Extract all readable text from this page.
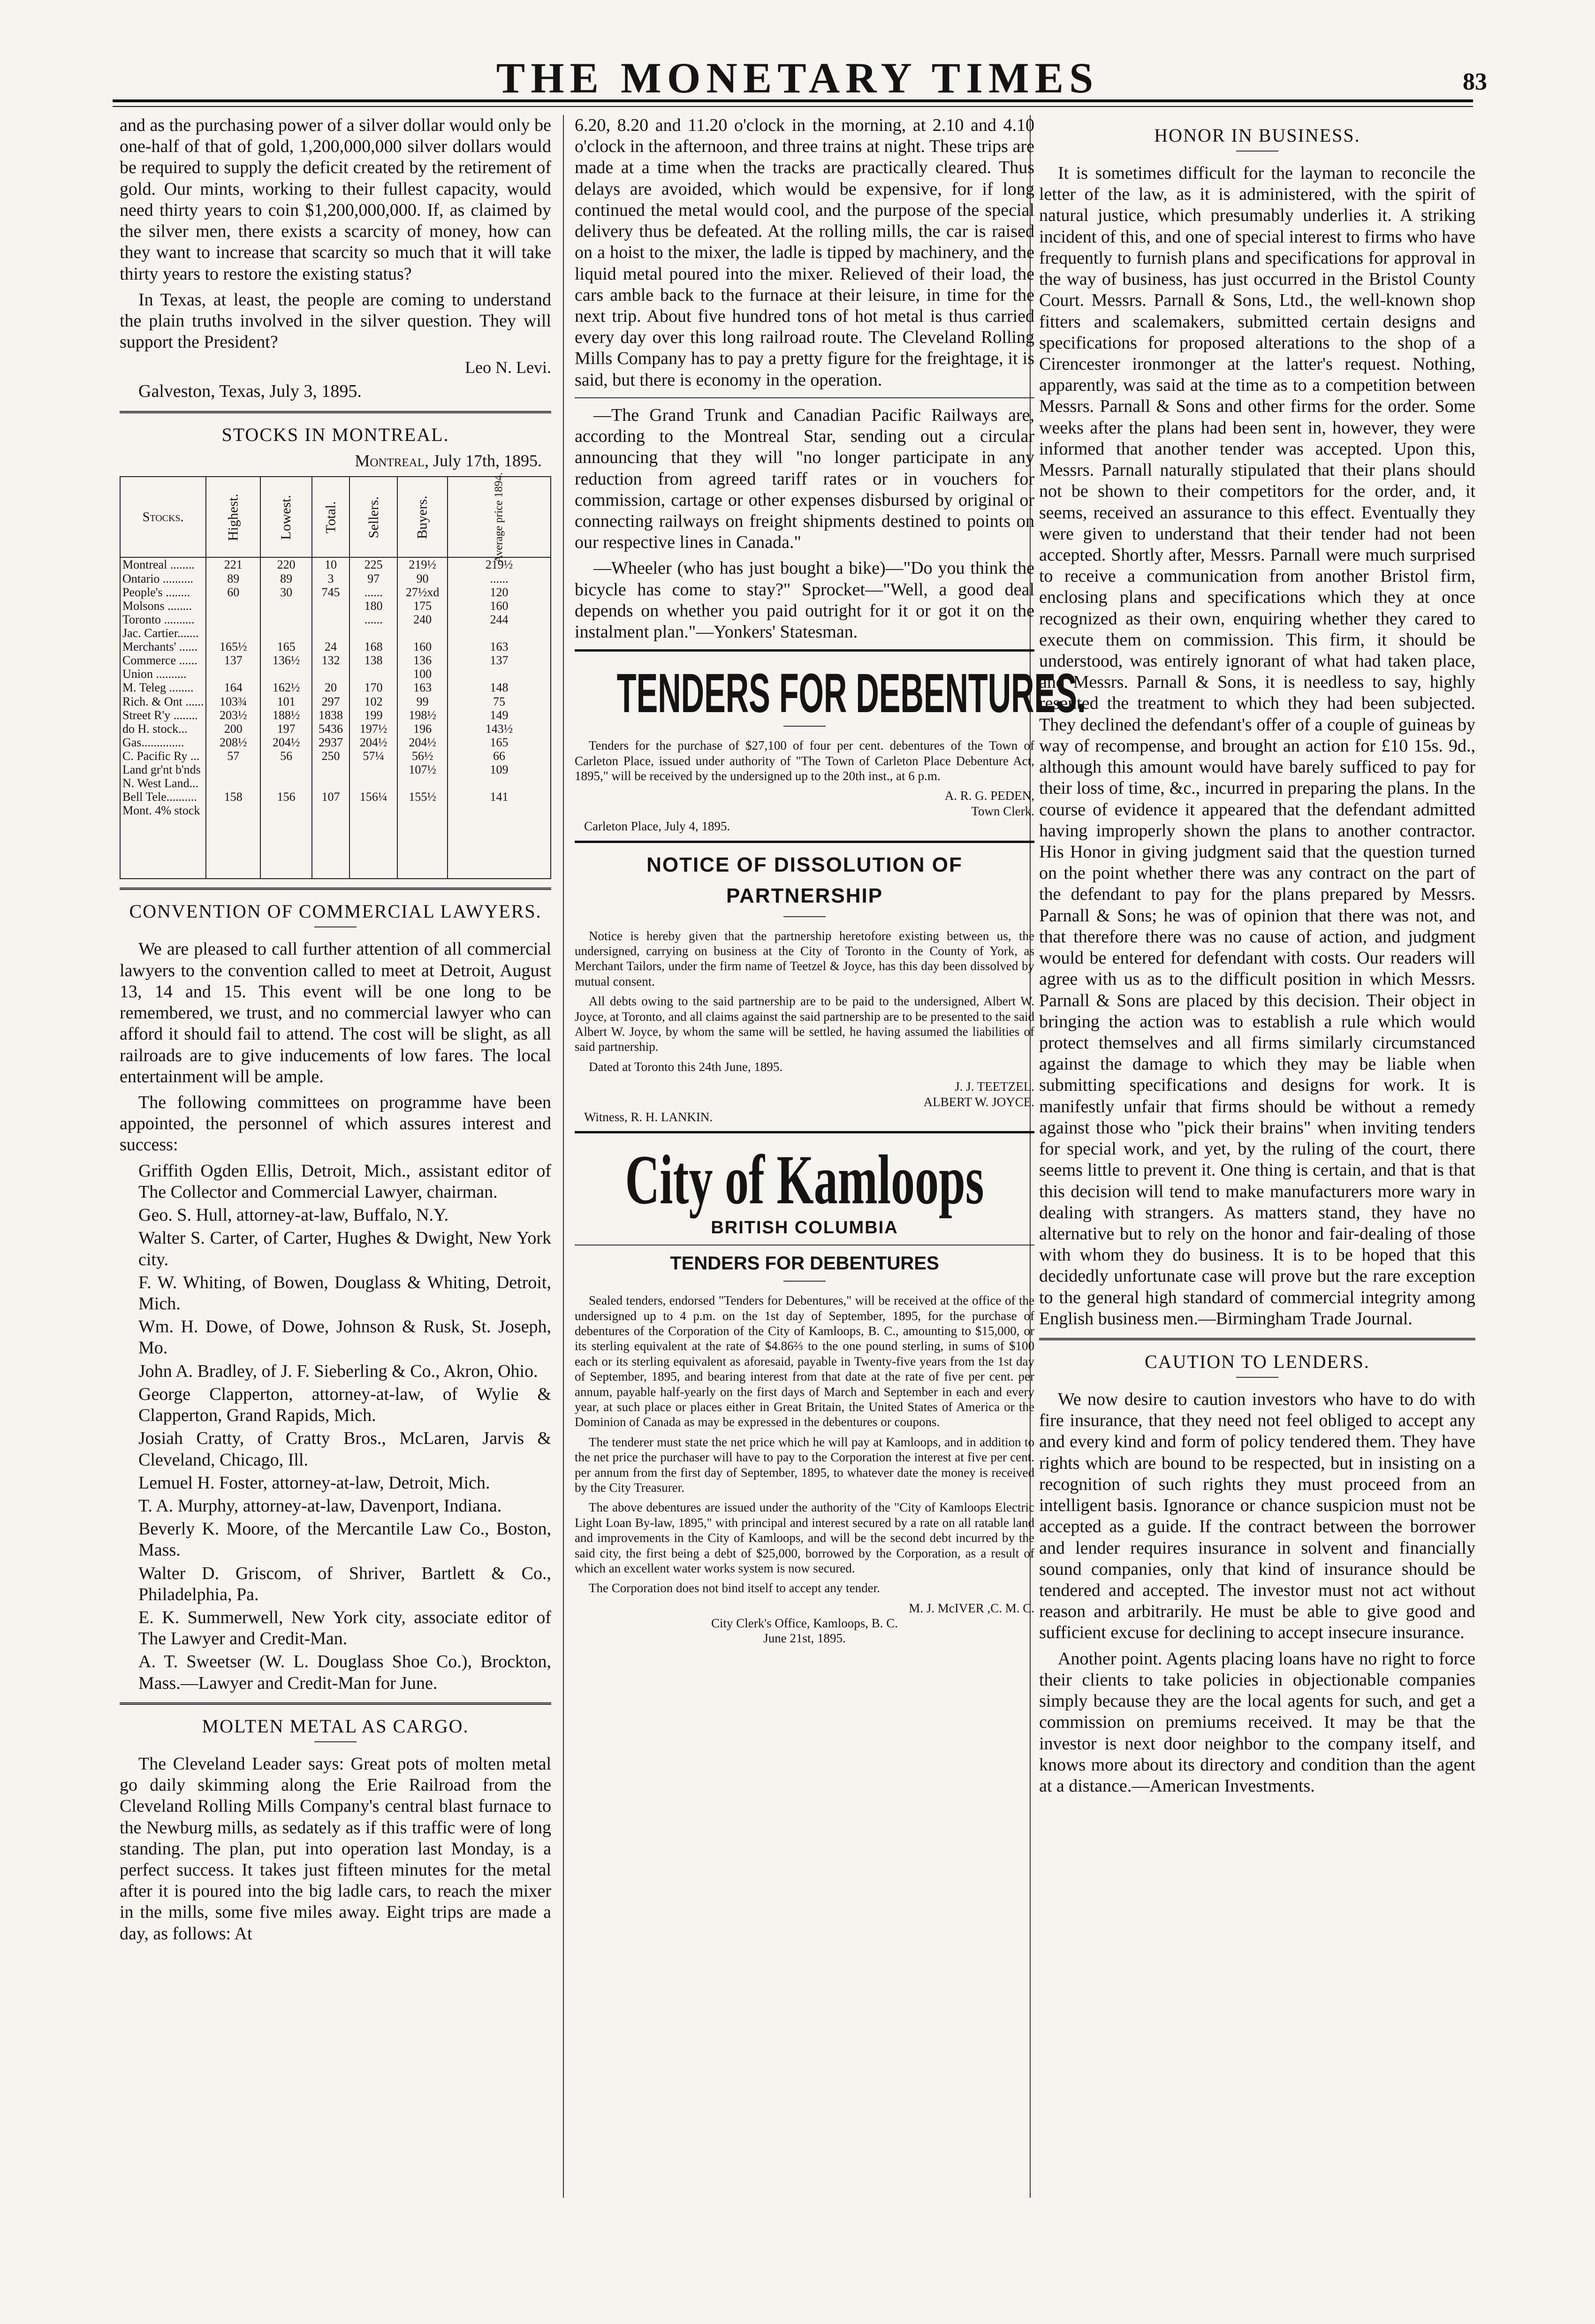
THE MONETARY TIMES	83

and as the purchasing power of a silver dollar would only be one-half of that of gold, 1,200,000,000 silver dollars would be required to supply the deficit created by the retirement of gold. Our mints, working to their fullest capacity, would need thirty years to coin $1,200,000,000. If, as claimed by the silver men, there exists a scarcity of money, how can they want to increase that scarcity so much that it will take thirty years to restore the existing status?

In Texas, at least, the people are coming to understand the plain truths involved in the silver question. They will support the President?

Leo N. Levi.
Galveston, Texas, July 3, 1895.
STOCKS IN MONTREAL.
Montreal, July 17th, 1895.
Stocks.	Highest.	Lowest.	Total.	Sellers.	Buyers.	Average price 1894.
Montreal ........	221	220	10	225	219½	219½
Ontario ..........	89	89	3	97	90	......
People's ........	60	30	745	......	27½xd	120
Molsons ........				180	175	160
Toronto ..........				......	240	244
Jac. Cartier.......						
Merchants' ......	165½	165	24	168	160	163
Commerce ......	137	136½	132	138	136	137
Union ..........					100	
M. Teleg ........	164	162½	20	170	163	148
Rich. & Ont ......	103¾	101	297	102	99	75
Street R'y ........	203½	188½	1838	199	198½	149
do H. stock...	200	197	5436	197½	196	143½
Gas..............	208½	204½	2937	204½	204½	165
C. Pacific Ry ...	57	56	250	57¼	56½	66
Land gr'nt b'nds					107½	109
N. West Land...						
Bell Tele..........	158	156	107	156¼	155½	141
Mont. 4% stock						

CONVENTION OF COMMERCIAL LAWYERS.

We are pleased to call further attention of all commercial lawyers to the convention called to meet at Detroit, August 13, 14 and 15. This event will be one long to be remembered, we trust, and no commercial lawyer who can afford it should fail to attend. The cost will be slight, as all railroads are to give inducements of low fares. The local entertainment will be ample.

The following committees on programme have been appointed, the personnel of which assures interest and success:

Griffith Ogden Ellis, Detroit, Mich., assistant editor of The Collector and Commercial Lawyer, chairman.

Geo. S. Hull, attorney-at-law, Buffalo, N.Y.

Walter S. Carter, of Carter, Hughes & Dwight, New York city.

F. W. Whiting, of Bowen, Douglass & Whiting, Detroit, Mich.

Wm. H. Dowe, of Dowe, Johnson & Rusk, St. Joseph, Mo.

John A. Bradley, of J. F. Sieberling & Co., Akron, Ohio.

George Clapperton, attorney-at-law, of Wylie & Clapperton, Grand Rapids, Mich.

Josiah Cratty, of Cratty Bros., McLaren, Jarvis & Cleveland, Chicago, Ill.

Lemuel H. Foster, attorney-at-law, Detroit, Mich.

T. A. Murphy, attorney-at-law, Davenport, Indiana.

Beverly K. Moore, of the Mercantile Law Co., Boston, Mass.

Walter D. Griscom, of Shriver, Bartlett & Co., Philadelphia, Pa.

E. K. Summerwell, New York city, associate editor of The Lawyer and Credit-Man.

A. T. Sweetser (W. L. Douglass Shoe Co.), Brockton, Mass.—Lawyer and Credit-Man for June.

MOLTEN METAL AS CARGO.

The Cleveland Leader says: Great pots of molten metal go daily skimming along the Erie Railroad from the Cleveland Rolling Mills Company's central blast furnace to the Newburg mills, as sedately as if this traffic were of long standing. The plan, put into operation last Monday, is a perfect success. It takes just fifteen minutes for the metal after it is poured into the big ladle cars, to reach the mixer in the mills, some five miles away. Eight trips are made a day, as follows: At

6.20, 8.20 and 11.20 o'clock in the morning, at 2.10 and 4.10 o'clock in the afternoon, and three trains at night. These trips are made at a time when the tracks are practically cleared. Thus delays are avoided, which would be expensive, for if long continued the metal would cool, and the purpose of the special delivery thus be defeated. At the rolling mills, the car is raised on a hoist to the mixer, the ladle is tipped by machinery, and the liquid metal poured into the mixer. Relieved of their load, the cars amble back to the furnace at their leisure, in time for the next trip. About five hundred tons of hot metal is thus carried every day over this long railroad route. The Cleveland Rolling Mills Company has to pay a pretty figure for the freightage, it is said, but there is economy in the operation.

—The Grand Trunk and Canadian Pacific Railways are, according to the Montreal Star, sending out a circular announcing that they will "no longer participate in any reduction from agreed tariff rates or in vouchers for commission, cartage or other expenses disbursed by original or connecting railways on freight shipments destined to points on our respective lines in Canada."

—Wheeler (who has just bought a bike)—"Do you think the bicycle has come to stay?" Sprocket—"Well, a good deal depends on whether you paid outright for it or got it on the instalment plan."—Yonkers' Statesman.

TENDERS FOR DEBENTURES.

Tenders for the purchase of $27,100 of four per cent. debentures of the Town of Carleton Place, issued under authority of "The Town of Carleton Place Debenture Act, 1895," will be received by the undersigned up to the 20th inst., at 6 p.m.

A. R. G. PEDEN,
Town Clerk.
Carleton Place, July 4, 1895.
NOTICE OF DISSOLUTION OF PARTNERSHIP

Notice is hereby given that the partnership heretofore existing between us, the undersigned, carrying on business at the City of Toronto in the County of York, as Merchant Tailors, under the firm name of Teetzel & Joyce, has this day been dissolved by mutual consent.

All debts owing to the said partnership are to be paid to the undersigned, Albert W. Joyce, at Toronto, and all claims against the said partnership are to be presented to the said Albert W. Joyce, by whom the same will be settled, he having assumed the liabilities of said partnership.

Dated at Toronto this 24th June, 1895.

J. J. TEETZEL.
ALBERT W. JOYCE.
Witness, R. H. LANKIN.
City of Kamloops
BRITISH COLUMBIA
TENDERS FOR DEBENTURES

Sealed tenders, endorsed "Tenders for Debentures," will be received at the office of the undersigned up to 4 p.m. on the 1st day of September, 1895, for the purchase of debentures of the Corporation of the City of Kamloops, B. C., amounting to $15,000, or its sterling equivalent at the rate of $4.86⅔ to the one pound sterling, in sums of $100 each or its sterling equivalent as aforesaid, payable in Twenty-five years from the 1st day of September, 1895, and bearing interest from that date at the rate of five per cent. per annum, payable half-yearly on the first days of March and September in each and every year, at such place or places either in Great Britain, the United States of America or the Dominion of Canada as may be expressed in the debentures or coupons.

The tenderer must state the net price which he will pay at Kamloops, and in addition to the net price the purchaser will have to pay to the Corporation the interest at five per cent. per annum from the first day of September, 1895, to whatever date the money is received by the City Treasurer.

The above debentures are issued under the authority of the "City of Kamloops Electric Light Loan By-law, 1895," with principal and interest secured by a rate on all ratable land and improvements in the City of Kamloops, and will be the second debt incurred by the said city, the first being a debt of $25,000, borrowed by the Corporation, as a result of which an excellent water works system is now secured.

The Corporation does not bind itself to accept any tender.

M. J. McIVER ,C. M. C.
City Clerk's Office, Kamloops, B. C.
June 21st, 1895.
HONOR IN BUSINESS.

It is sometimes difficult for the layman to reconcile the letter of the law, as it is administered, with the spirit of natural justice, which presumably underlies it. A striking incident of this, and one of special interest to firms who have frequently to furnish plans and specifications for approval in the way of business, has just occurred in the Bristol County Court. Messrs. Parnall & Sons, Ltd., the well-known shop fitters and scalemakers, submitted certain designs and specifications for proposed alterations to the shop of a Cirencester ironmonger at the latter's request. Nothing, apparently, was said at the time as to a competition between Messrs. Parnall & Sons and other firms for the order. Some weeks after the plans had been sent in, however, they were informed that another tender was accepted. Upon this, Messrs. Parnall naturally stipulated that their plans should not be shown to their competitors for the order, and, it seems, received an assurance to this effect. Eventually they were given to understand that their tender had not been accepted. Shortly after, Messrs. Parnall were much surprised to receive a communication from another Bristol firm, enclosing plans and specifications which they at once recognized as their own, enquiring whether they cared to execute them on commission. This firm, it should be understood, was entirely ignorant of what had taken place, and Messrs. Parnall & Sons, it is needless to say, highly resented the treatment to which they had been subjected. They declined the defendant's offer of a couple of guineas by way of recompense, and brought an action for £10 15s. 9d., although this amount would have barely sufficed to pay for their loss of time, &c., incurred in preparing the plans. In the course of evidence it appeared that the defendant admitted having improperly shown the plans to another contractor. His Honor in giving judgment said that the question turned on the point whether there was any contract on the part of the defendant to pay for the plans prepared by Messrs. Parnall & Sons; he was of opinion that there was not, and that therefore there was no cause of action, and judgment would be entered for defendant with costs. Our readers will agree with us as to the difficult position in which Messrs. Parnall & Sons are placed by this decision. Their object in bringing the action was to establish a rule which would protect themselves and all firms similarly circumstanced against the damage to which they may be liable when submitting specifications and designs for work. It is manifestly unfair that firms should be without a remedy against those who "pick their brains" when inviting tenders for special work, and yet, by the ruling of the court, there seems little to prevent it. One thing is certain, and that is that this decision will tend to make manufacturers more wary in dealing with strangers. As matters stand, they have no alternative but to rely on the honor and fair-dealing of those with whom they do business. It is to be hoped that this decidedly unfortunate case will prove but the rare exception to the general high standard of commercial integrity among English business men.—Birmingham Trade Journal.

CAUTION TO LENDERS.

We now desire to caution investors who have to do with fire insurance, that they need not feel obliged to accept any and every kind and form of policy tendered them. They have rights which are bound to be respected, but in insisting on a recognition of such rights they must proceed from an intelligent basis. Ignorance or chance suspicion must not be accepted as a guide. If the contract between the borrower and lender requires insurance in solvent and financially sound companies, only that kind of insurance should be tendered and accepted. The investor must not act without reason and arbitrarily. He must be able to give good and sufficient excuse for declining to accept insecure insurance.

Another point. Agents placing loans have no right to force their clients to take policies in objectionable companies simply because they are the local agents for such, and get a commission on premiums received. It may be that the investor is next door neighbor to the company itself, and knows more about its directory and condition than the agent at a distance.—American Investments.
